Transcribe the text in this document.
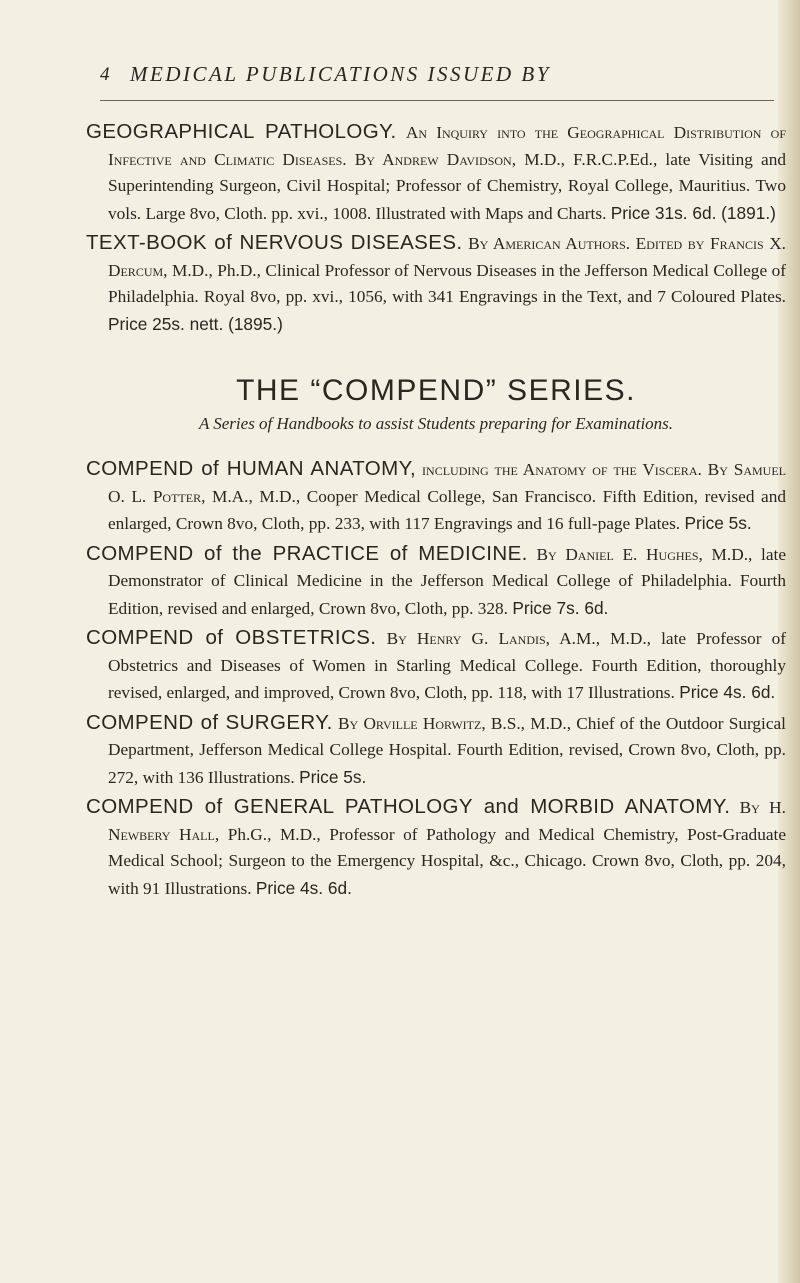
4 MEDICAL PUBLICATIONS ISSUED BY

GEOGRAPHICAL PATHOLOGY. An Inquiry into the Geographical Distribution of Infective and Climatic Diseases. By Andrew Davidson, M.D., F.R.C.P.Ed., late Visiting and Superintending Surgeon, Civil Hospital; Professor of Chemistry, Royal College, Mauritius. Two vols. Large 8vo, Cloth. pp. xvi., 1008. Illustrated with Maps and Charts. Price 31s. 6d. (1891.)

TEXT-BOOK of NERVOUS DISEASES. By American Authors. Edited by Francis X. Dercum, M.D., Ph.D., Clinical Professor of Nervous Diseases in the Jefferson Medical College of Philadelphia. Royal 8vo, pp. xvi., 1056, with 341 Engravings in the Text, and 7 Coloured Plates. Price 25s. nett. (1895.)

THE “COMPEND” SERIES.
A Series of Handbooks to assist Students preparing for Examinations.

COMPEND of HUMAN ANATOMY, including the Anatomy of the Viscera. By Samuel O. L. Potter, M.A., M.D., Cooper Medical College, San Francisco. Fifth Edition, revised and enlarged, Crown 8vo, Cloth, pp. 233, with 117 Engravings and 16 full-page Plates. Price 5s.

COMPEND of the PRACTICE of MEDICINE. By Daniel E. Hughes, M.D., late Demonstrator of Clinical Medicine in the Jefferson Medical College of Philadelphia. Fourth Edition, revised and enlarged, Crown 8vo, Cloth, pp. 328. Price 7s. 6d.

COMPEND of OBSTETRICS. By Henry G. Landis, A.M., M.D., late Professor of Obstetrics and Diseases of Women in Starling Medical College. Fourth Edition, thoroughly revised, enlarged, and improved, Crown 8vo, Cloth, pp. 118, with 17 Illustrations. Price 4s. 6d.

COMPEND of SURGERY. By Orville Horwitz, B.S., M.D., Chief of the Outdoor Surgical Department, Jefferson Medical College Hospital. Fourth Edition, revised, Crown 8vo, Cloth, pp. 272, with 136 Illustrations. Price 5s.

COMPEND of GENERAL PATHOLOGY and MORBID ANATOMY. By H. Newbery Hall, Ph.G., M.D., Professor of Pathology and Medical Chemistry, Post-Graduate Medical School; Surgeon to the Emergency Hospital, &c., Chicago. Crown 8vo, Cloth, pp. 204, with 91 Illustrations. Price 4s. 6d.
